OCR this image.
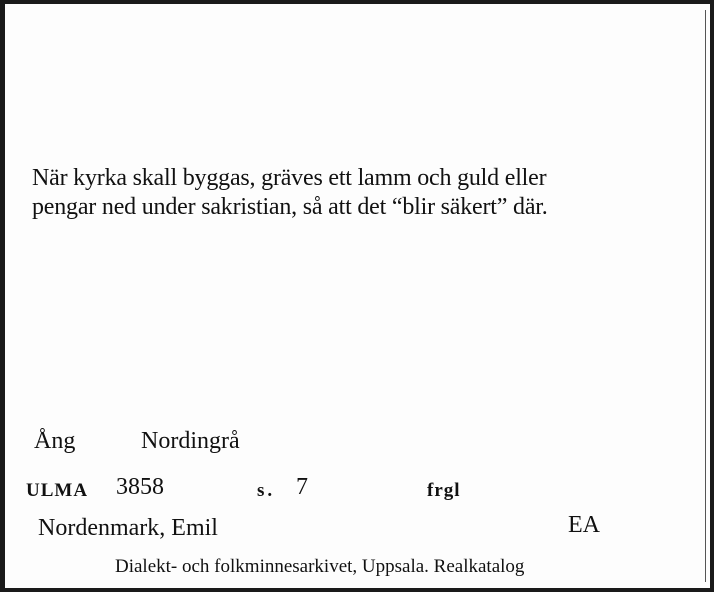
När kyrka skall byggas, gräves ett lamm och guld eller
pengar ned under sakristian, så att det “blir säkert” där.
Ång	Nordingrå
ULMA 3858	s. 7	frgl
Nordenmark, Emil	EA
Dialekt- och folkminnesarkivet, Uppsala. Realkatalog
